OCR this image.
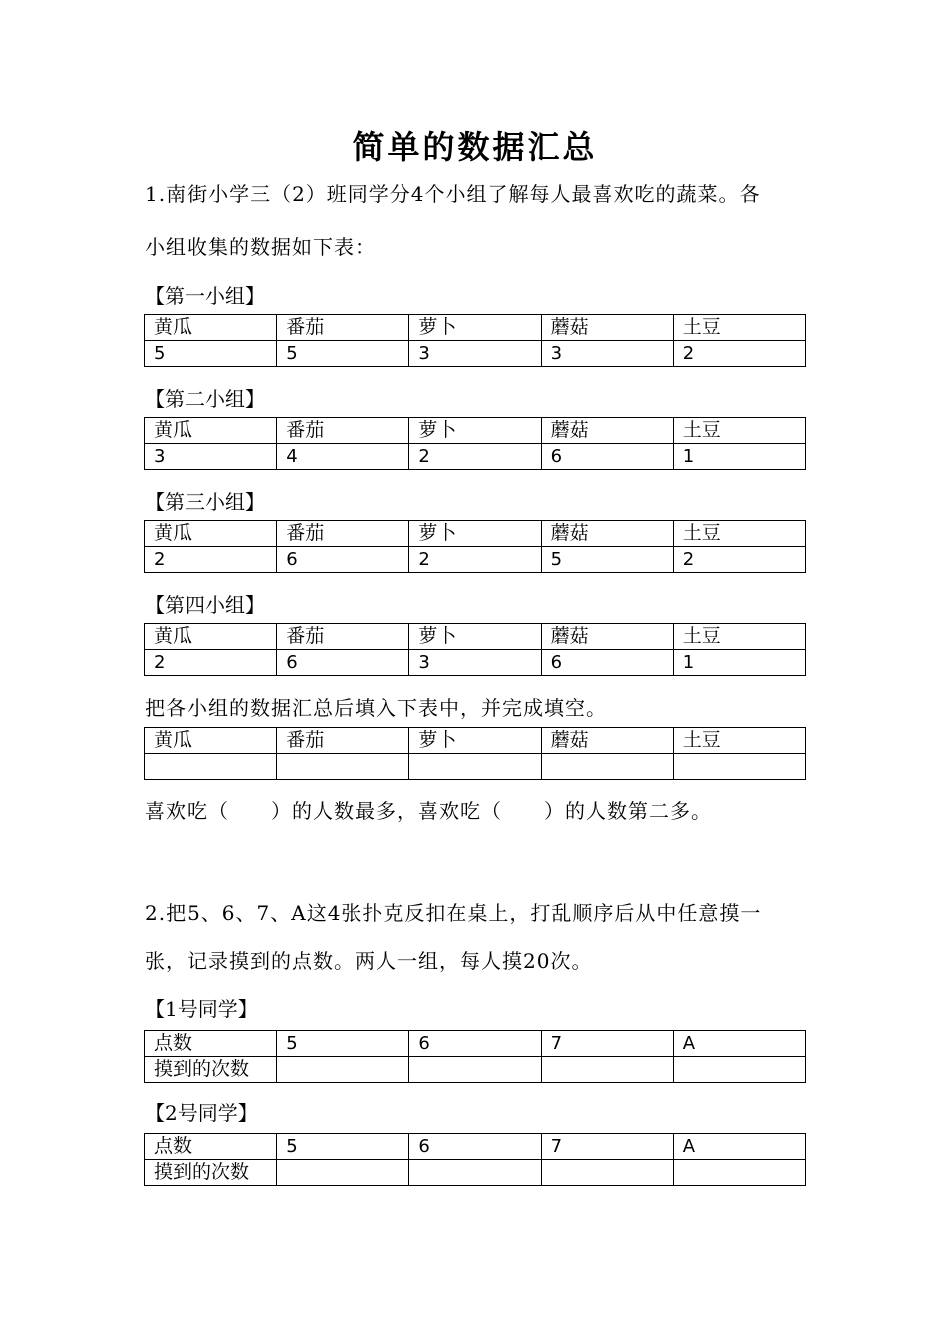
简单的数据汇总
1.南街小学三（2）班同学分4个小组了解每人最喜欢吃的蔬菜。各
小组收集的数据如下表：
【第一小组】
黄瓜	番茄	萝卜	蘑菇	土豆
5	5	3	3	2
【第二小组】
黄瓜	番茄	萝卜	蘑菇	土豆
3	4	2	6	1
【第三小组】
黄瓜	番茄	萝卜	蘑菇	土豆
2	6	2	5	2
【第四小组】
黄瓜	番茄	萝卜	蘑菇	土豆
2	6	3	6	1
把各小组的数据汇总后填入下表中，并完成填空。
黄瓜	番茄	萝卜	蘑菇	土豆

喜欢吃（　　）的人数最多，喜欢吃（　　）的人数第二多。
2.把5、6、7、A这4张扑克反扣在桌上，打乱顺序后从中任意摸一
张，记录摸到的点数。两人一组，每人摸20次。
【1号同学】
点数	5	6	7	A
摸到的次数				
【2号同学】
点数	5	6	7	A
摸到的次数				
